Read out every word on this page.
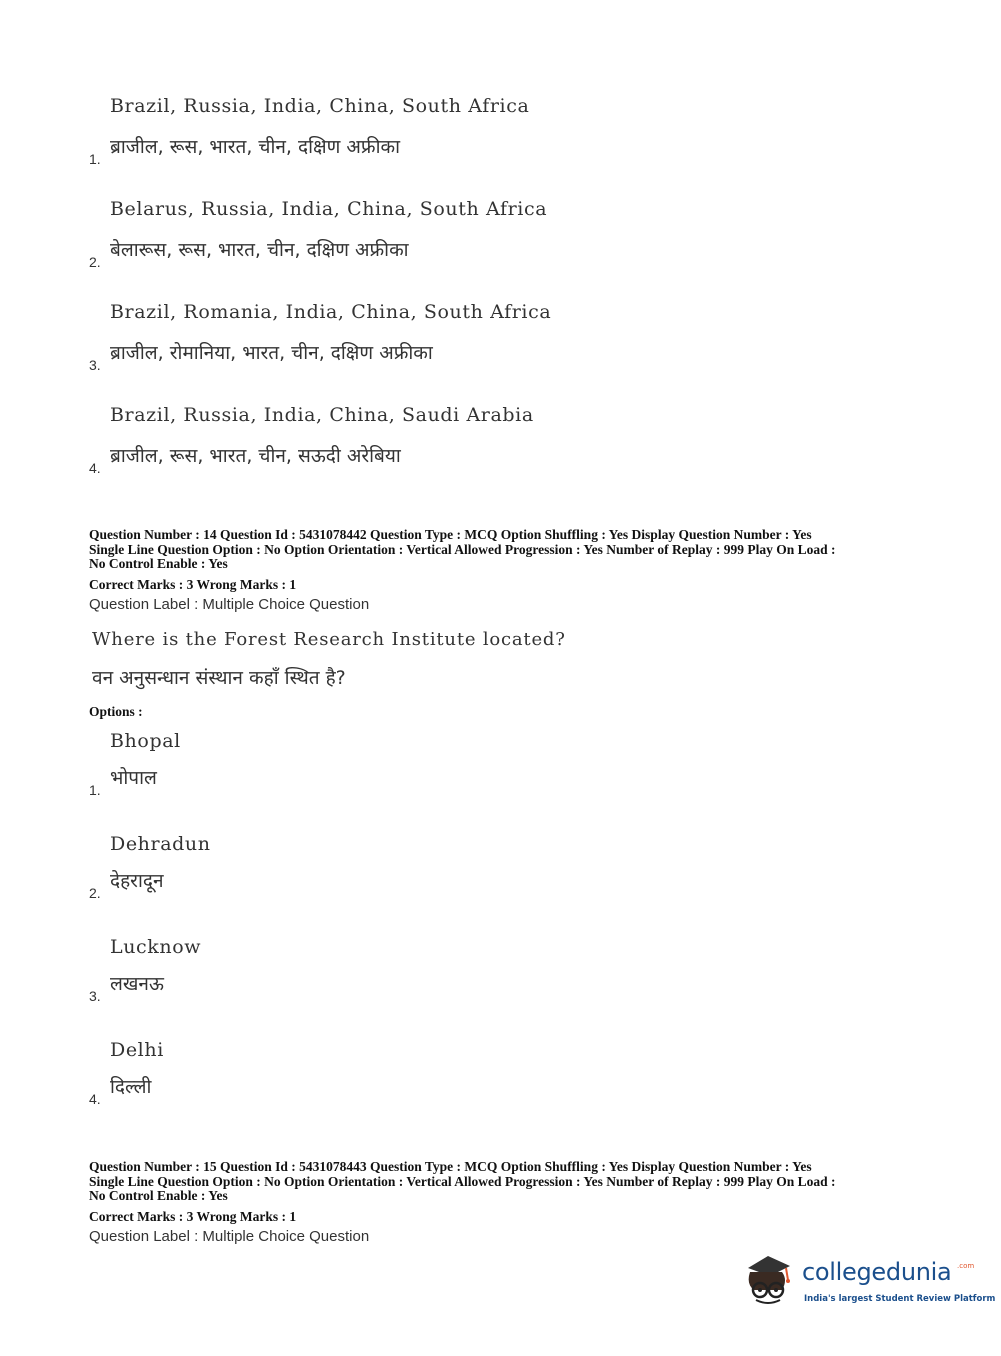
Brazil, Russia, India, China, South Africa
ब्राजील, रूस, भारत, चीन, दक्षिण अफ्रीका
1.
Belarus, Russia, India, China, South Africa
बेलारूस, रूस, भारत, चीन, दक्षिण अफ्रीका
2.
Brazil, Romania, India, China, South Africa
ब्राजील, रोमानिया, भारत, चीन, दक्षिण अफ्रीका
3.
Brazil, Russia, India, China, Saudi Arabia
ब्राजील, रूस, भारत, चीन, सऊदी अरेबिया
4.
Question Number : 14 Question Id : 5431078442 Question Type : MCQ Option Shuffling : Yes Display Question Number : Yes
Single Line Question Option : No Option Orientation : Vertical Allowed Progression : Yes Number of Replay : 999 Play On Load :
No Control Enable : Yes
Correct Marks : 3 Wrong Marks : 1
Question Label : Multiple Choice Question
Where is the Forest Research Institute located?
वन अनुसन्धान संस्थान कहाँ स्थित है?
Options :
Bhopal
भोपाल
1.
Dehradun
देहरादून
2.
Lucknow
लखनऊ
3.
Delhi
दिल्ली
4.
Question Number : 15 Question Id : 5431078443 Question Type : MCQ Option Shuffling : Yes Display Question Number : Yes
Single Line Question Option : No Option Orientation : Vertical Allowed Progression : Yes Number of Replay : 999 Play On Load :
No Control Enable : Yes
Correct Marks : 3 Wrong Marks : 1
Question Label : Multiple Choice Question
collegedunia .com
India's largest Student Review Platform
